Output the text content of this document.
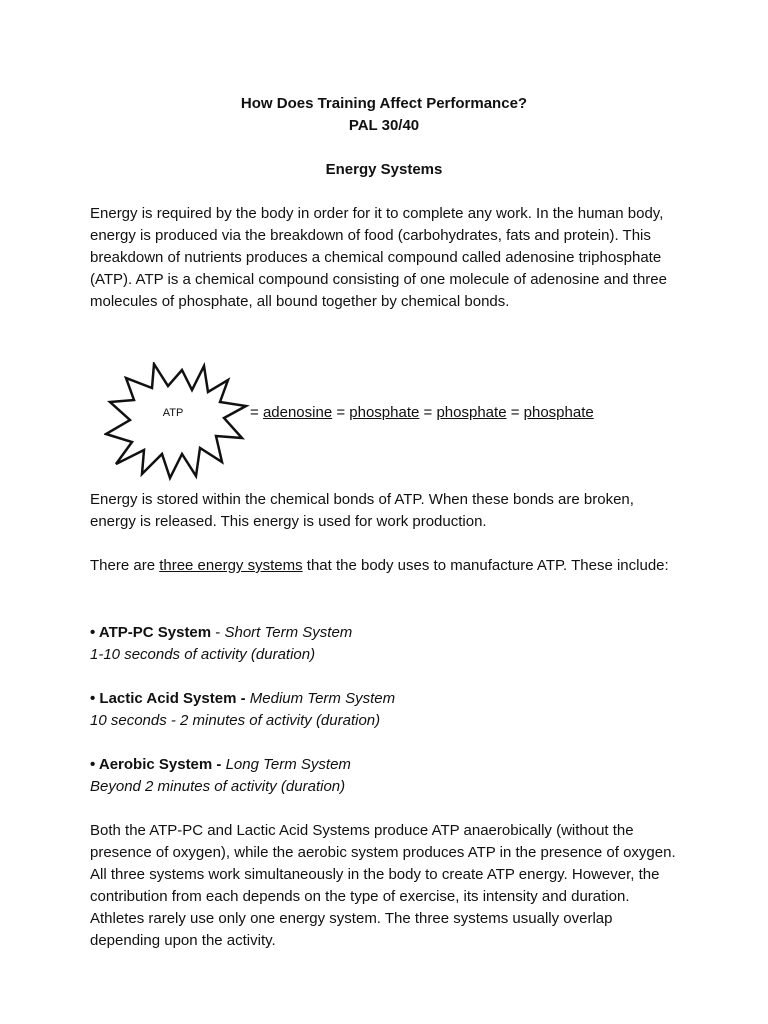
How Does Training Affect Performance?
PAL 30/40
Energy Systems

Energy is required by the body in order for it to complete any work. In the human body, energy is produced via the breakdown of food (carbohydrates, fats and protein). This breakdown of nutrients produces a chemical compound called adenosine triphosphate (ATP). ATP is a chemical compound consisting of one molecule of adenosine and three molecules of phosphate, all bound together by chemical bonds.

ATP	= adenosine = phosphate = phosphate = phosphate

Energy is stored within the chemical bonds of ATP. When these bonds are broken, energy is released. This energy is used for work production.

There are three energy systems that the body uses to manufacture ATP. These include:

• ATP-PC System - Short Term System
1-10 seconds of activity (duration)
• Lactic Acid System - Medium Term System
10 seconds - 2 minutes of activity (duration)
• Aerobic System - Long Term System
Beyond 2 minutes of activity (duration)

Both the ATP-PC and Lactic Acid Systems produce ATP anaerobically (without the presence of oxygen), while the aerobic system produces ATP in the presence of oxygen. All three systems work simultaneously in the body to create ATP energy. However, the contribution from each depends on the type of exercise, its intensity and duration. Athletes rarely use only one energy system. The three systems usually overlap depending upon the activity.
